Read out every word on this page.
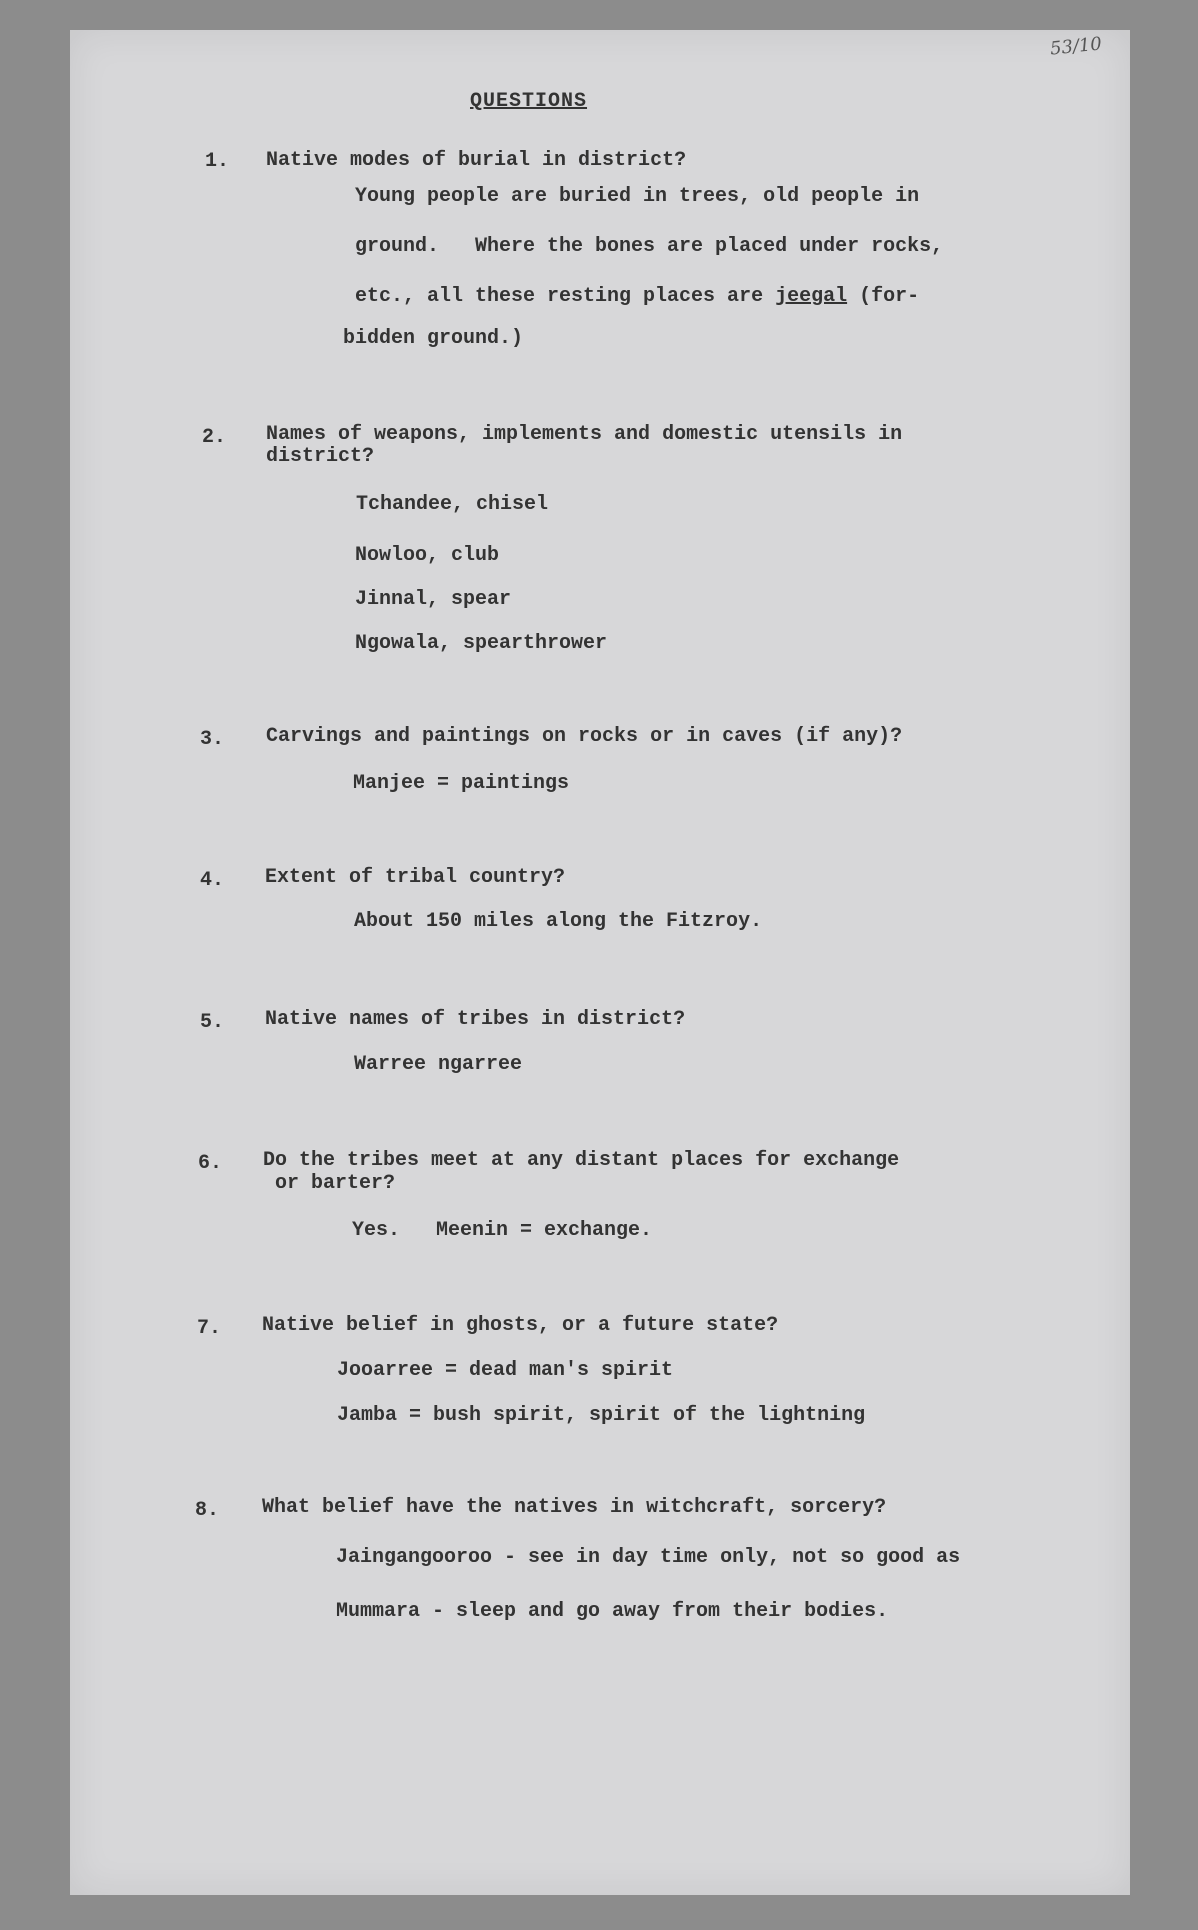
53/10
QUESTIONS
1. Native modes of burial in district?
Young people are buried in trees, old people in
ground.   Where the bones are placed under rocks,
etc., all these resting places are jeegal (for-
bidden ground.)
2. Names of weapons, implements and domestic utensils in
district?
Tchandee, chisel
Nowloo, club
Jinnal, spear
Ngowala, spearthrower
3. Carvings and paintings on rocks or in caves (if any)?
Manjee = paintings
4. Extent of tribal country?
About 150 miles along the Fitzroy.
5. Native names of tribes in district?
Warree ngarree
6. Do the tribes meet at any distant places for exchange
or barter?
Yes.   Meenin = exchange.
7. Native belief in ghosts, or a future state?
Jooarree = dead man's spirit
Jamba = bush spirit, spirit of the lightning
8. What belief have the natives in witchcraft, sorcery?
Jaingangooroo - see in day time only, not so good as
Mummara - sleep and go away from their bodies.
